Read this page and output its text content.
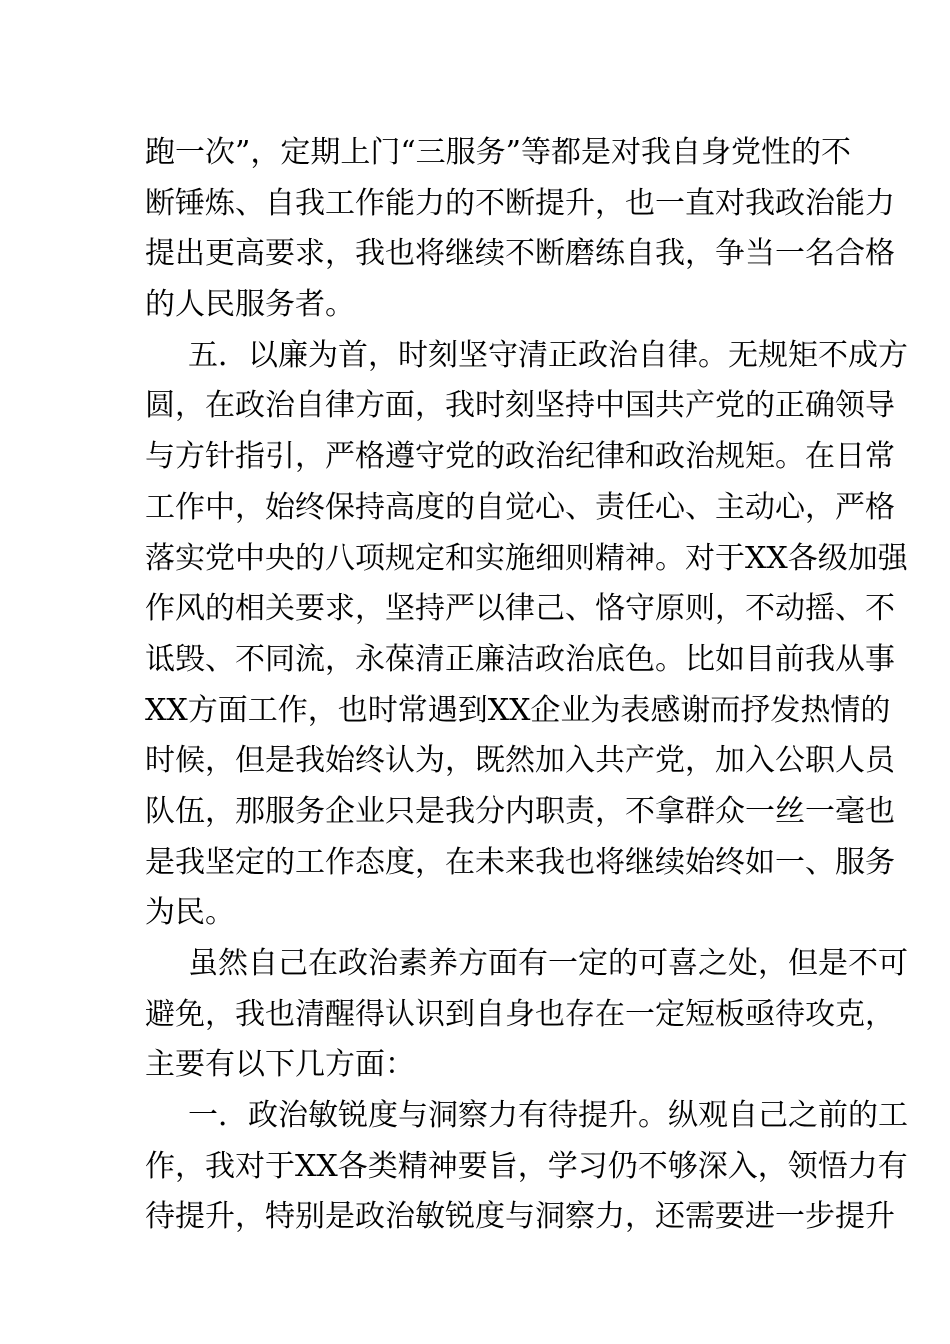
跑一次”，定期上门“三服务”等都是对我自身党性的不
断锤炼、自我工作能力的不断提升，也一直对我政治能力
提出更高要求，我也将继续不断磨练自我，争当一名合格
的人民服务者。
五．以廉为首，时刻坚守清正政治自律。无规矩不成方
圆，在政治自律方面，我时刻坚持中国共产党的正确领导
与方针指引，严格遵守党的政治纪律和政治规矩。在日常
工作中，始终保持高度的自觉心、责任心、主动心，严格
落实党中央的八项规定和实施细则精神。对于XX各级加强
作风的相关要求，坚持严以律己、恪守原则，不动摇、不
诋毁、不同流，永葆清正廉洁政治底色。比如目前我从事
XX方面工作，也时常遇到XX企业为表感谢而抒发热情的
时候，但是我始终认为，既然加入共产党，加入公职人员
队伍，那服务企业只是我分内职责，不拿群众一丝一毫也
是我坚定的工作态度，在未来我也将继续始终如一、服务
为民。
虽然自己在政治素养方面有一定的可喜之处，但是不可
避免，我也清醒得认识到自身也存在一定短板亟待攻克，
主要有以下几方面：
一．政治敏锐度与洞察力有待提升。纵观自己之前的工
作，我对于XX各类精神要旨，学习仍不够深入，领悟力有
待提升，特别是政治敏锐度与洞察力，还需要进一步提升
